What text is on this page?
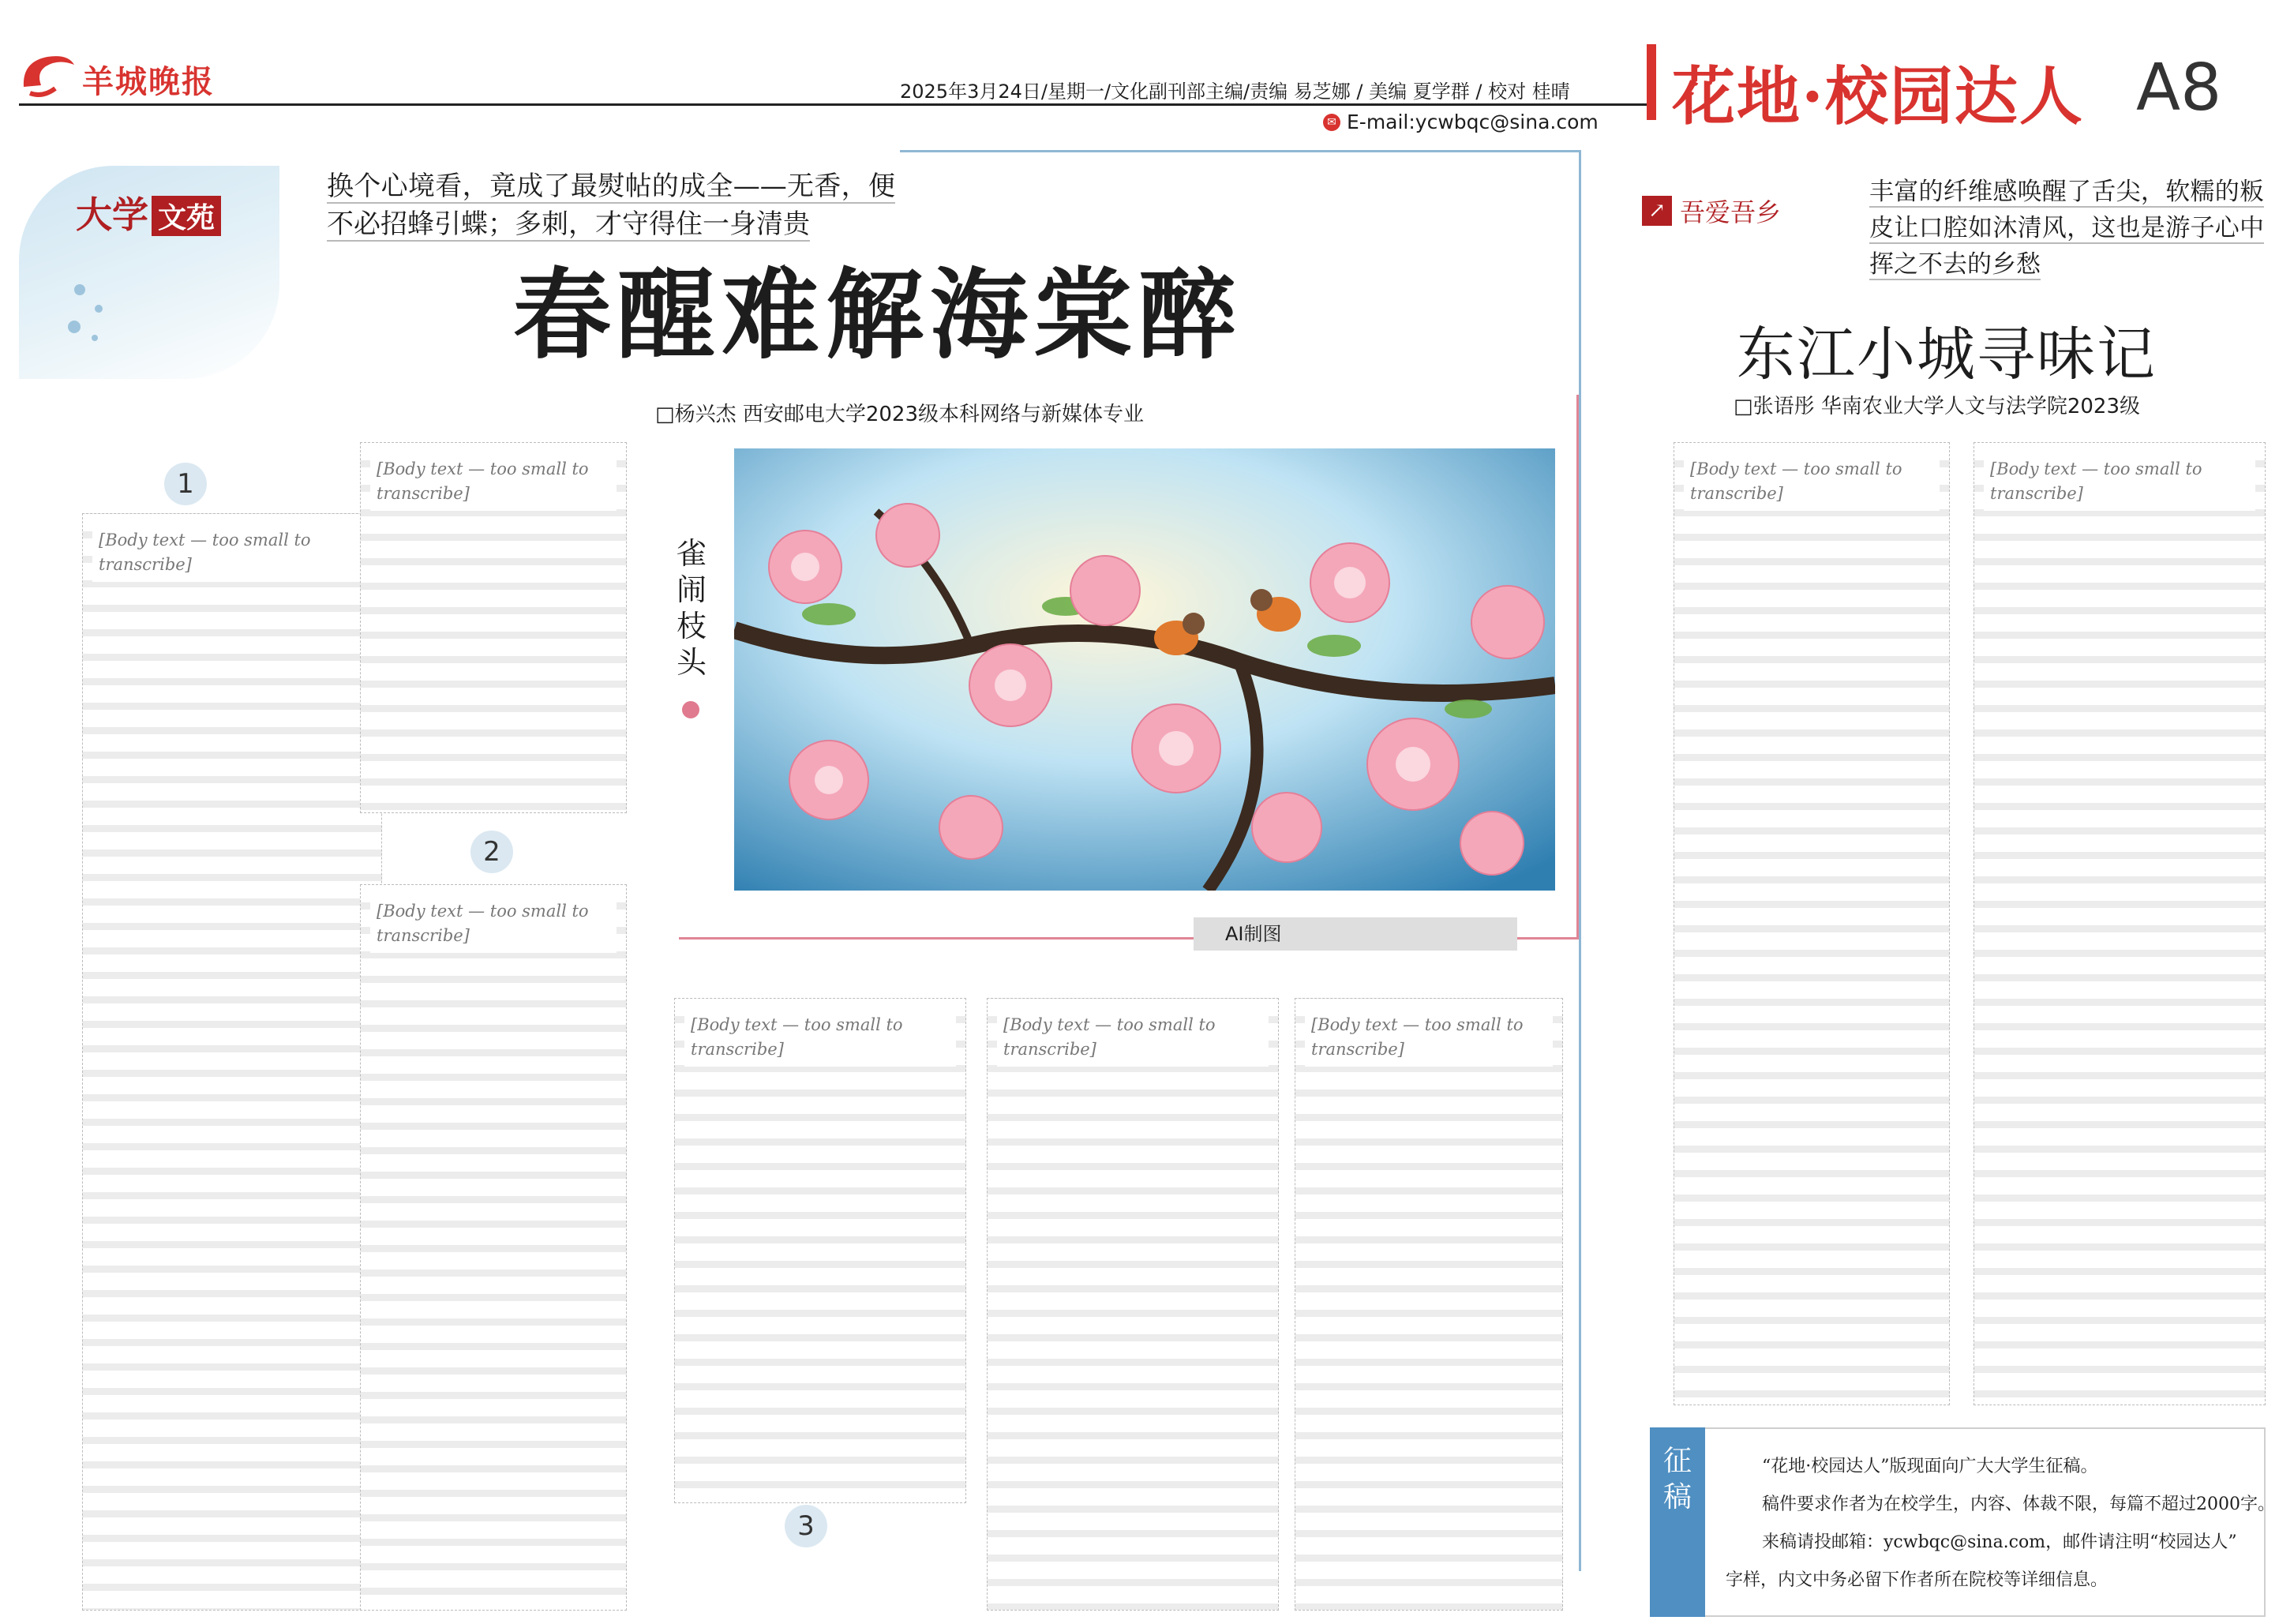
羊城晚报	2025年3月24日/星期一/文化副刊部主编/责编 易芝娜 / 美编 夏学群 / 校对 桂晴
✉ E-mail:ycwbqc@sina.com 花地·校园达人 A8
大学 文苑
换个心境看，竟成了最熨帖的成全——无香，便不必招蜂引蝶；多刺，才守得住一身清贵
春醒难解海棠醉
□杨兴杰 西安邮电大学2023级本科网络与新媒体专业
雀闹枝头
AI制图
1
2
3
[Body text — too small to transcribe]
[Body text — too small to transcribe]
[Body text — too small to transcribe]
[Body text — too small to transcribe]
[Body text — too small to transcribe]
[Body text — too small to transcribe]
↗ 吾爱吾乡
丰富的纤维感唤醒了舌尖，软糯的粄皮让口腔如沐清风，这也是游子心中挥之不去的乡愁
东江小城寻味记
□张语彤 华南农业大学人文与法学院2023级
[Body text — too small to transcribe]
[Body text — too small to transcribe]
征稿
“花地·校园达人”版现面向广大大学生征稿。
稿件要求作者为在校学生，内容、体裁不限，每篇不超过2000字。
来稿请投邮箱：ycwbqc@sina.com，邮件请注明“校园达人”
字样，内文中务必留下作者所在院校等详细信息。
